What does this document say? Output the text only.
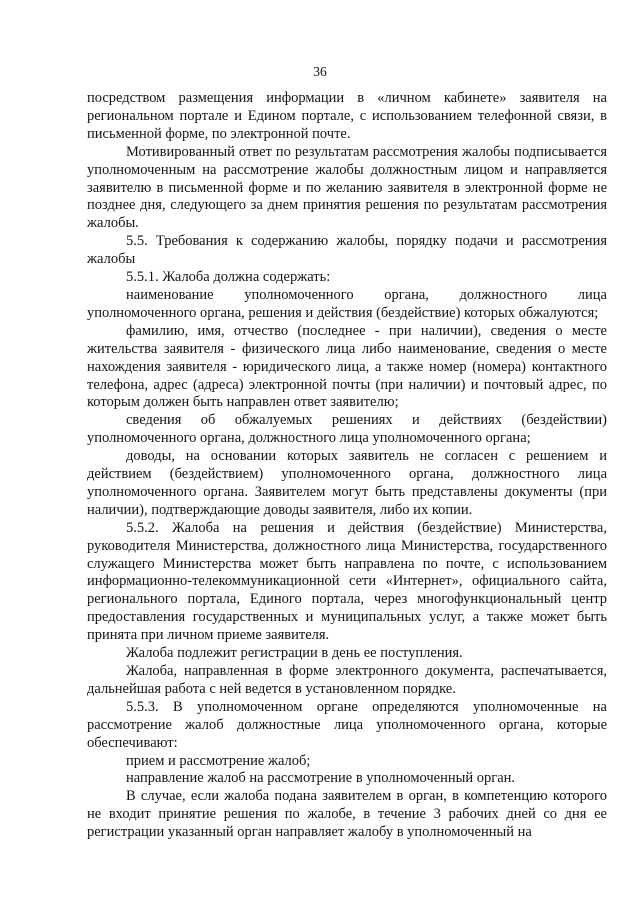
36

посредством размещения информации в «личном кабинете» заявителя на региональном портале и Едином портале, с использованием телефонной связи, в письменной форме, по электронной почте.

Мотивированный ответ по результатам рассмотрения жалобы подписывается уполномоченным на рассмотрение жалобы должностным лицом и направляется заявителю в письменной форме и по желанию заявителя в электронной форме не позднее дня, следующего за днем принятия решения по результатам рассмотрения жалобы.

5.5. Требования к содержанию жалобы, порядку подачи и рассмотрения жалобы

5.5.1. Жалоба должна содержать:

наименование уполномоченного органа, должностного лица уполномоченного органа, решения и действия (бездействие) которых обжалуются;

фамилию, имя, отчество (последнее - при наличии), сведения о месте жительства заявителя - физического лица либо наименование, сведения о месте нахождения заявителя - юридического лица, а также номер (номера) контактного телефона, адрес (адреса) электронной почты (при наличии) и почтовый адрес, по которым должен быть направлен ответ заявителю;

сведения об обжалуемых решениях и действиях (бездействии) уполномоченного органа, должностного лица уполномоченного органа;

доводы, на основании которых заявитель не согласен с решением и действием (бездействием) уполномоченного органа, должностного лица уполномоченного органа. Заявителем могут быть представлены документы (при наличии), подтверждающие доводы заявителя, либо их копии.

5.5.2. Жалоба на решения и действия (бездействие) Министерства, руководителя Министерства, должностного лица Министерства, государственного служащего Министерства может быть направлена по почте, с использованием информационно-телекоммуникационной сети «Интернет», официального сайта, регионального портала, Единого портала, через многофункциональный центр предоставления государственных и муниципальных услуг, а также может быть принята при личном приеме заявителя.

Жалоба подлежит регистрации в день ее поступления.

Жалоба, направленная в форме электронного документа, распечатывается, дальнейшая работа с ней ведется в установленном порядке.

5.5.3. В уполномоченном органе определяются уполномоченные на рассмотрение жалоб должностные лица уполномоченного органа, которые обеспечивают:

прием и рассмотрение жалоб;

направление жалоб на рассмотрение в уполномоченный орган.

В случае, если жалоба подана заявителем в орган, в компетенцию которого не входит принятие решения по жалобе, в течение 3 рабочих дней со дня ее регистрации указанный орган направляет жалобу в уполномоченный на
